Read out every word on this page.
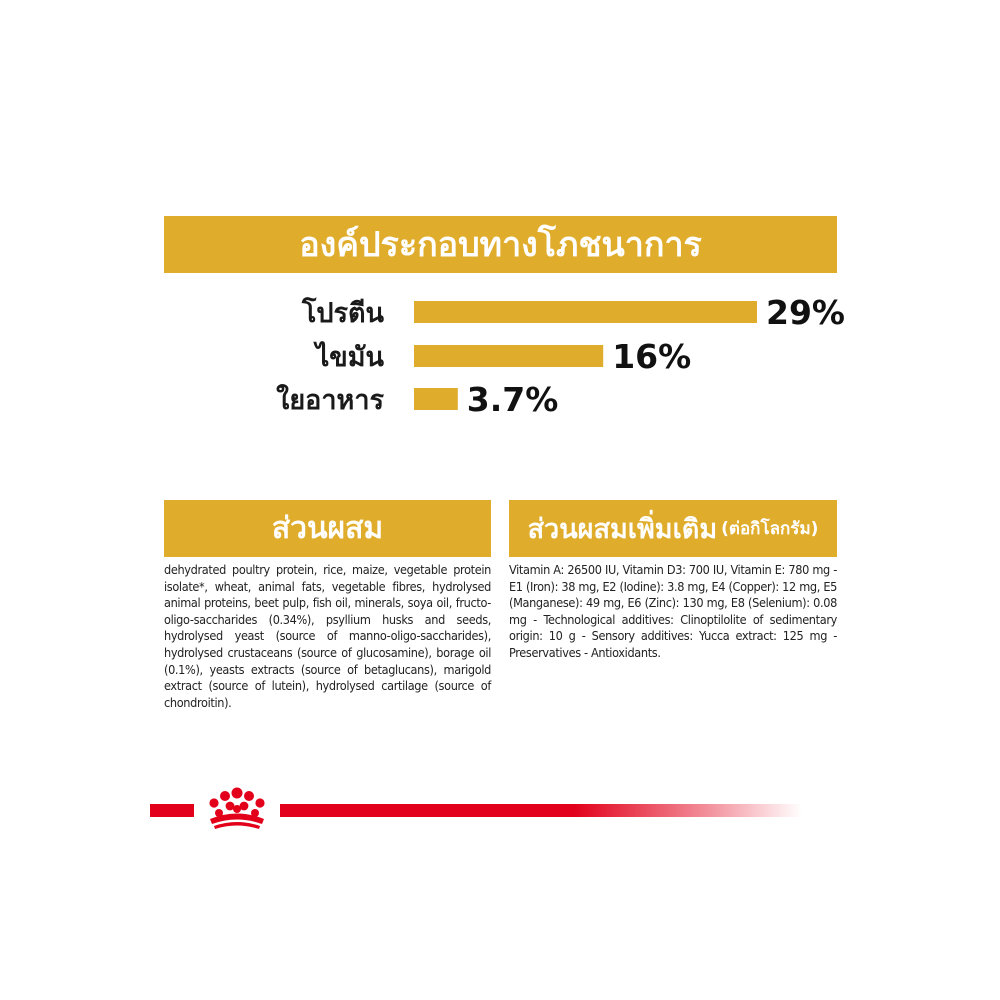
องค์ประกอบทางโภชนาการ
โปรตีน	29%
ไขมัน	16%
ใยอาหาร	3.7%
ส่วนผสม
dehydrated poultry protein, rice, maize, vegetable protein isolate*, wheat, animal fats, vegetable fibres, hydrolysed animal proteins, beet pulp, fish oil, minerals, soya oil, fructo-oligo-saccharides (0.34%), psyllium husks and seeds, hydrolysed yeast (source of manno-oligo-saccharides), hydrolysed crustaceans (source of glucosamine), borage oil (0.1%), yeasts extracts (source of betaglucans), marigold extract (source of lutein), hydrolysed cartilage (source of chondroitin).
ส่วนผสมเพิ่มเติม (ต่อกิโลกรัม)
Vitamin A: 26500 IU, Vitamin D3: 700 IU, Vitamin E: 780 mg - E1 (Iron): 38 mg, E2 (Iodine): 3.8 mg, E4 (Copper): 12 mg, E5 (Manganese): 49 mg, E6 (Zinc): 130 mg, E8 (Selenium): 0.08 mg - Technological additives: Clinoptilolite of sedimentary origin: 10 g - Sensory additives: Yucca extract: 125 mg - Preservatives - Antioxidants.
